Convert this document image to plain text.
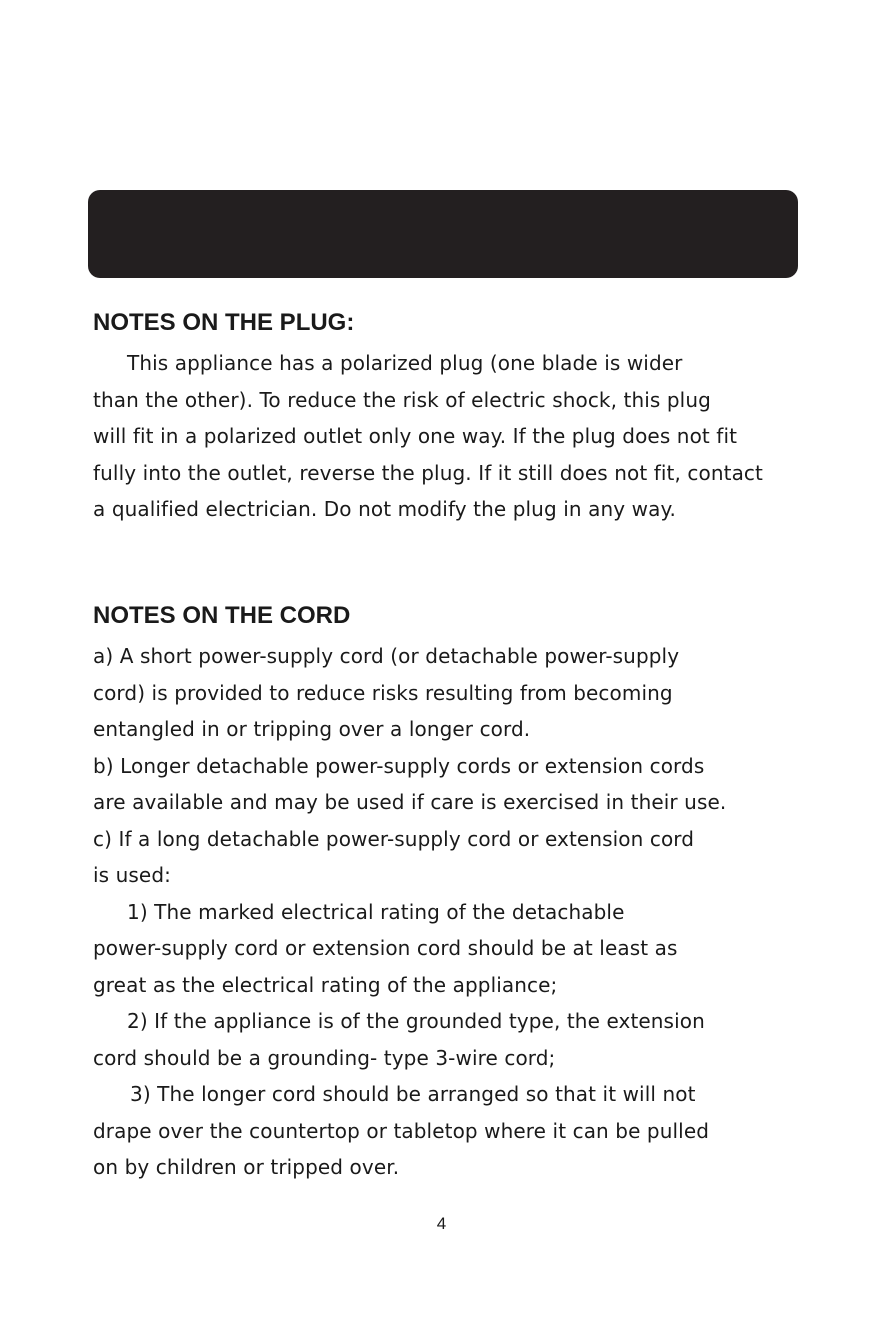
NOTES ON THE PLUG:
This appliance has a polarized plug (one blade is wider
than the other). To reduce the risk of electric shock, this plug
will fit in a polarized outlet only one way. If the plug does not fit
fully into the outlet, reverse the plug. If it still does not fit, contact
a qualified electrician. Do not modify the plug in any way.
NOTES ON THE CORD
a) A short power-supply cord (or detachable power-supply
cord) is provided to reduce risks resulting from becoming
entangled in or tripping over a longer cord.
b) Longer detachable power-supply cords or extension cords
are available and may be used if care is exercised in their use.
c) If a long detachable power-supply cord or extension cord
is used:
1) The marked electrical rating of the detachable
power-supply cord or extension cord should be at least as
great as the electrical rating of the appliance;
2) If the appliance is of the grounded type, the extension
cord should be a grounding- type 3-wire cord;
3) The longer cord should be arranged so that it will not
drape over the countertop or tabletop where it can be pulled
on by children or tripped over.
4
